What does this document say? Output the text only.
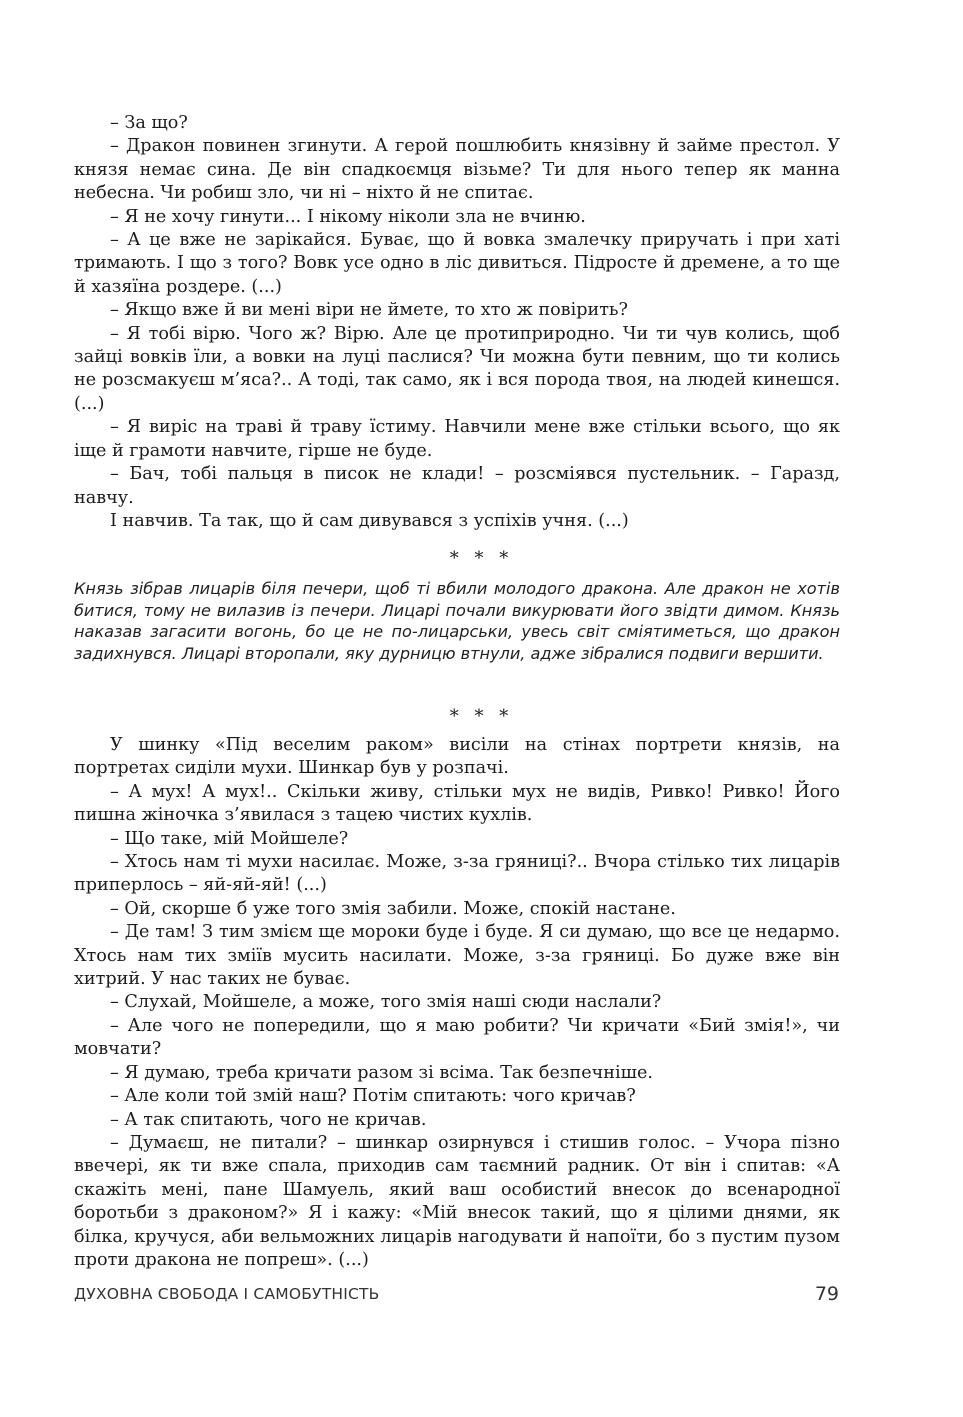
– За що?

– Дракон повинен згинути. А герой пошлюбить князівну й займе престол. У князя немає сина. Де він спадкоємця візьме? Ти для нього тепер як манна небесна. Чи робиш зло, чи ні – ніхто й не спитає.

– Я не хочу гинути... І нікому ніколи зла не вчиню.

– А це вже не зарікайся. Буває, що й вовка змалечку приручать і при хаті тримають. І що з того? Вовк усе одно в ліс дивиться. Підросте й дремене, а то ще й хазяїна роздере. (...)

– Якщо вже й ви мені віри не ймете, то хто ж повірить?

– Я тобі вірю. Чого ж? Вірю. Але це протиприродно. Чи ти чув колись, щоб зайці вовків їли, а вовки на луці паслися? Чи можна бути певним, що ти колись не розсмакуєш м’яса?.. А тоді, так само, як і вся порода твоя, на людей кинешся. (...)

– Я виріс на траві й траву їстиму. Навчили мене вже стільки всього, що як іще й грамоти навчите, гірше не буде.

– Бач, тобі пальця в писок не клади! – розсміявся пустельник. – Гаразд, навчу.

І навчив. Та так, що й сам дивувався з успіхів учня. (...)

* * *

Князь зібрав лицарів біля печери, щоб ті вбили молодого дракона. Але дракон не хотів битися, тому не вилазив із печери. Лицарі почали викурювати його звідти димом. Князь наказав загасити вогонь, бо це не по-лицарськи, увесь світ сміятиметься, що дракон задихнувся. Лицарі второпали, яку дурницю втнули, адже зібралися подвиги вершити.

* * *

У шинку «Під веселим раком» висіли на стінах портрети князів, на портретах сиділи мухи. Шинкар був у розпачі.

– А мух! А мух!.. Скільки живу, стільки мух не видів, Ривко! Ривко! Його пишна жіночка з’явилася з тацею чистих кухлів.

– Що таке, мій Мойшеле?

– Хтось нам ті мухи насилає. Може, з-за гряниці?.. Вчора стілько тих лицарів приперлось – яй-яй-яй! (...)

– Ой, скорше б уже того змія забили. Може, спокій настане.

– Де там! З тим змієм ще мороки буде і буде. Я си думаю, що все це недармо. Хтось нам тих зміїв мусить насилати. Може, з-за гряниці. Бо дуже вже він хитрий. У нас таких не буває.

– Слухай, Мойшеле, а може, того змія наші сюди наслали?

– Але чого не попередили, що я маю робити? Чи кричати «Бий змія!», чи мовчати?

– Я думаю, треба кричати разом зі всіма. Так безпечніше.

– Але коли той змій наш? Потім спитають: чого кричав?

– А так спитають, чого не кричав.

– Думаєш, не питали? – шинкар озирнувся і стишив голос. – Учора пізно ввечері, як ти вже спала, приходив сам таємний радник. От він і спитав: «А скажіть мені, пане Шамуель, який ваш особистий внесок до всенародної боротьби з драконом?» Я і кажу: «Мій внесок такий, що я цілими днями, як білка, кручуся, аби вельможних лицарів нагодувати й напоїти, бо з пустим пузом проти дракона не попреш». (...)

ДУХОВНА СВОБОДА І САМОБУТНІСТЬ	79
